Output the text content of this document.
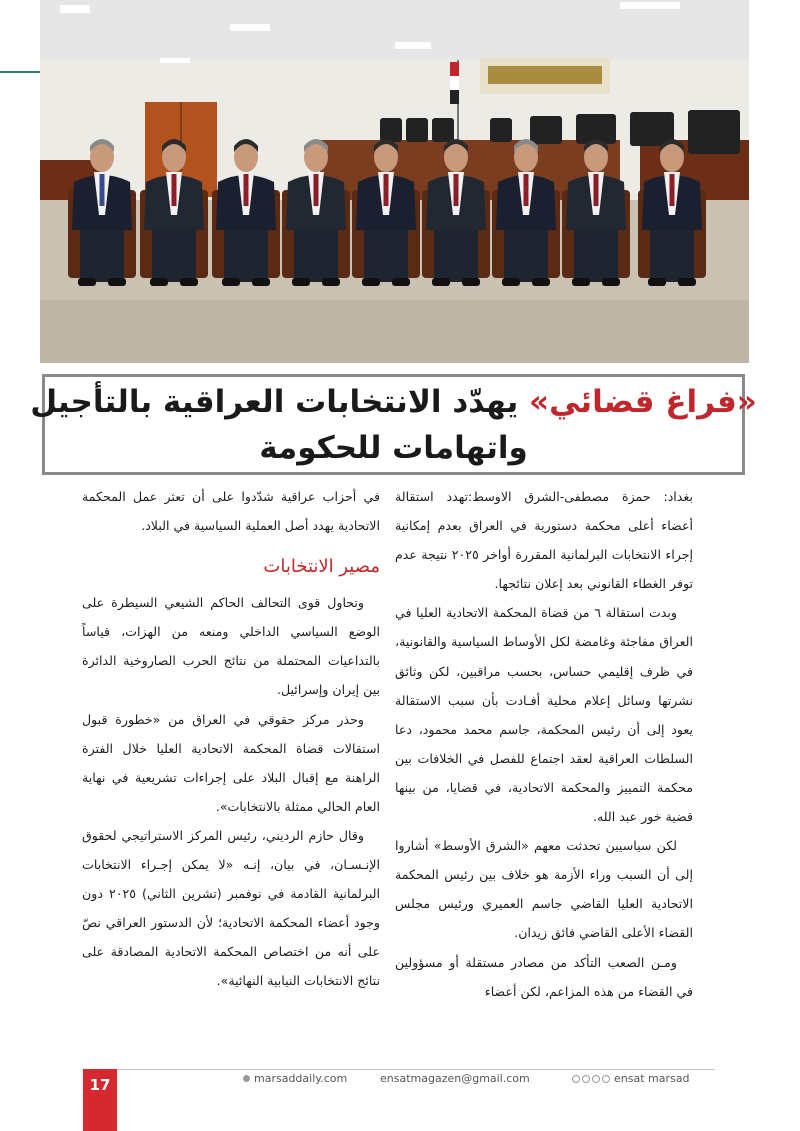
«فراغ قضائي» يهدّد الانتخابات العراقية بالتأجيل
واتهامات للحكومة

بغداد: حمزة مصطفى-الشرق الاوسط:تهدد استقالة أعضاء أعلى محكمة دستورية في العراق بعدم إمكانية إجراء الانتخابات البرلمانية المقررة أواخر ٢٠٢٥ نتيجة عدم توفر الغطاء القانوني بعد إعلان نتائجها.

وبدت استقالة ٦ من قضاة المحكمة الاتحادية العليا في العراق مفاجئة وغامضة لكل الأوساط السياسية والقانونية، في ظرف إقليمي حساس، بحسب مراقبين، لكن وثائق نشرتها وسائل إعلام محلية أفـادت بأن سبب الاستقالة يعود إلى أن رئيس المحكمة، جاسم محمد محمود، دعا السلطات العراقية لعقد اجتماع للفصل في الخلافات بين محكمة التمييز والمحكمة الاتحادية، في قضايا، من بينها قضية خور عبد الله.

لكن سياسيين تحدثت معهم «الشرق الأوسط» أشاروا إلى أن السبب وراء الأزمة هو خلاف بين رئيس المحكمة الاتحادية العليا القاضي جاسم العميري ورئيس مجلس القضاء الأعلى القاضي فائق زيدان.

ومـن الصعب التأكد من مصادر مستقلة أو مسؤولين في القضاء من هذه المزاعم، لكن أعضاء

في أحزاب عراقية شدّدوا على أن تعثر عمل المحكمة الاتحادية يهدد أصل العملية السياسية في البلاد.

مصير الانتخابات

وتحاول قوى التحالف الحاكم الشيعي السيطرة على الوضع السياسي الداخلي ومنعه من الهزات، قياساً بالتداعيات المحتملة من نتائج الحرب الصاروخية الدائرة بين إيران وإسرائيل.

وحذر مركز حقوقي في العراق من «خطورة قبول استقالات قضاة المحكمة الاتحادية العليا خلال الفترة الراهنة مع إقبال البلاد على إجراءات تشريعية في نهاية العام الحالي ممثلة بالانتخابات».

وقال حازم الرديني، رئيس المركز الاستراتيجي لحقوق الإنـسـان، في بيان، إنـه «لا يمكن إجـراء الانتخابات البرلمانية القادمة في نوفمبر (تشرين الثاني) ٢٠٢٥ دون وجود أعضاء المحكمة الاتحادية؛ لأن الدستور العراقي نصّ على أنه من اختصاص المحكمة الاتحادية المصادقة على نتائج الانتخابات النيابية النهائية».

17	marsaddaily.com	ensatmagazen@gmail.com	ensat marsad
